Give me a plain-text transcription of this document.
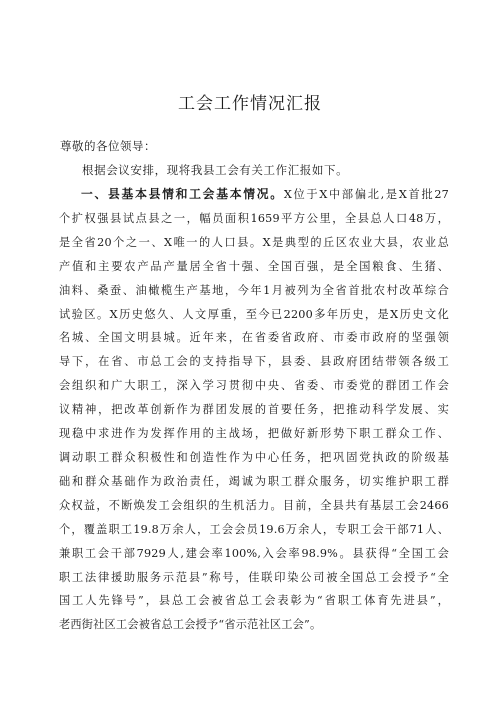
工会工作情况汇报
尊敬的各位领导：
根据会议安排，现将我县工会有关工作汇报如下。
一、县基本县情和工会基本情况。X位于X中部偏北,是X首批27
个扩权强县试点县之一，幅员面积1659平方公里，全县总人口48万，
是全省20个之一、X唯一的人口县。X是典型的丘区农业大县，农业总
产值和主要农产品产量居全省十强、全国百强，是全国粮食、生猪、
油料、桑蚕、油橄榄生产基地，今年1月被列为全省首批农村改革综合
试验区。X历史悠久、人文厚重，至今已2200多年历史，是X历史文化
名城、全国文明县城。近年来，在省委省政府、市委市政府的坚强领
导下，在省、市总工会的支持指导下，县委、县政府团结带领各级工
会组织和广大职工，深入学习贯彻中央、省委、市委党的群团工作会
议精神，把改革创新作为群团发展的首要任务，把推动科学发展、实
现稳中求进作为发挥作用的主战场，把做好新形势下职工群众工作、
调动职工群众积极性和创造性作为中心任务，把巩固党执政的阶级基
础和群众基础作为政治责任，竭诚为职工群众服务，切实维护职工群
众权益，不断焕发工会组织的生机活力。目前，全县共有基层工会2466
个，覆盖职工19.8万余人，工会会员19.6万余人，专职工会干部71人、
兼职工会干部7929人,建会率100%,入会率98.9%。县获得“全国工会
职工法律援助服务示范县”称号，佳联印染公司被全国总工会授予“全
国工人先锋号”，县总工会被省总工会表彰为“省职工体育先进县”，
老西街社区工会被省总工会授予“省示范社区工会”。
